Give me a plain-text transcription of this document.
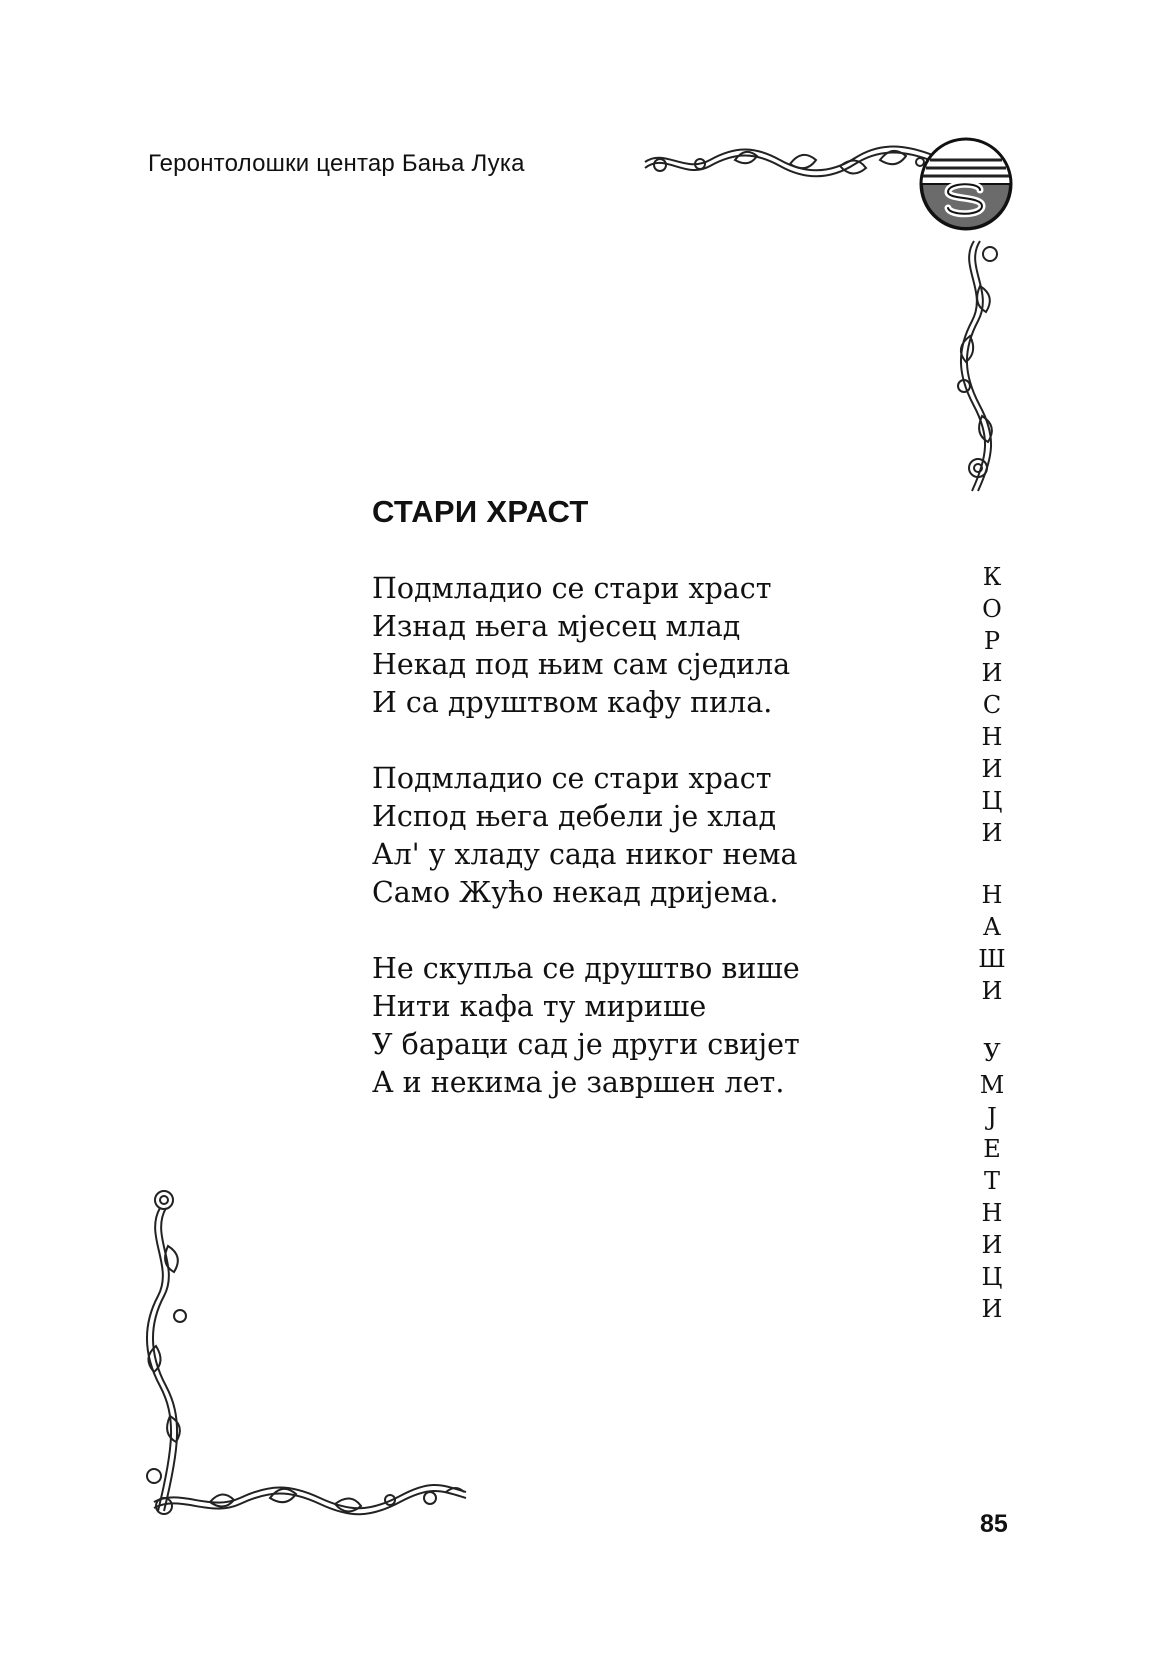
Геронтолошки центар Бања Лука
СТАРИ ХРАСТ
Подмладио се стари храст
Изнад њега мјесец млад
Некад под њим сам сједила
И са друштвом кафу пила.
Подмладио се стари храст
Испод њега дебели је хлад
Ал' у хладу сада никог нема
Само Жућо некад дријема.
Не скупља се друштво више
Нити кафа ту мирише
У бараци сад је други свијет
А и некима је завршен лет.
К
О
Р
И
С
Н
И
Ц
И
Н
А
Ш
И
У
М
Ј
Е
Т
Н
И
Ц
И
85
